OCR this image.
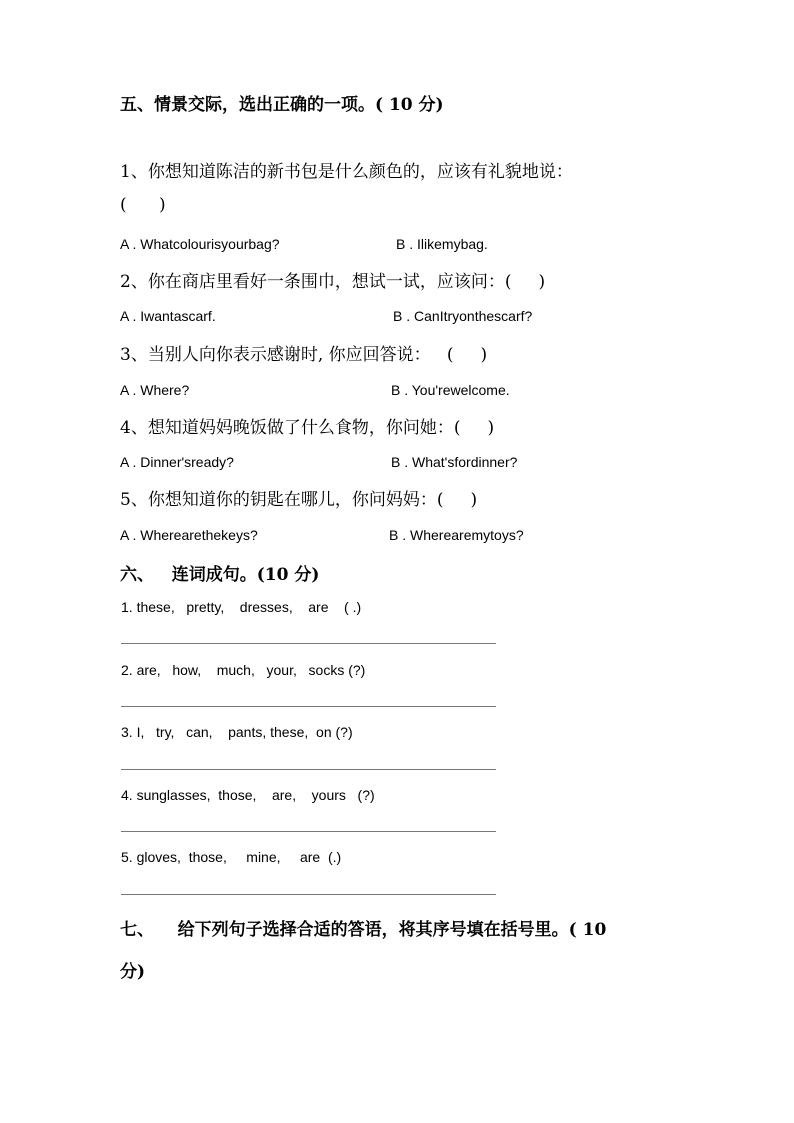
五、情景交际，选出正确的一项。( 10 分)
1、你想知道陈洁的新书包是什么颜色的，应该有礼貌地说：
(      )
A . Whatcolourisyourbag?	B . Ilikemybag.
2、你在商店里看好一条围巾，想试一试，应该问：(     )
A . Iwantascarf.	B . CanItryonthescarf?
3、当别人向你表示感谢时, 你应回答说：   (     )
A . Where?	B . You'rewelcome.
4、想知道妈妈晚饭做了什么食物，你问她：(     )
A . Dinner'sready?	B . What'sfordinner?
5、你想知道你的钥匙在哪儿，你问妈妈：(     )
A . Wherearethekeys?	B . Wherearemytoys?
六、   连词成句。(10 分)
1. these,   pretty,    dresses,    are    ( .)
2. are,   how,    much,   your,   socks (?)
3. I,   try,   can,    pants, these,  on (?)
4. sunglasses,  those,    are,    yours   (?)
5. gloves,  those,     mine,     are  (.)
七、    给下列句子选择合适的答语，将其序号填在括号里。( 10
分)
